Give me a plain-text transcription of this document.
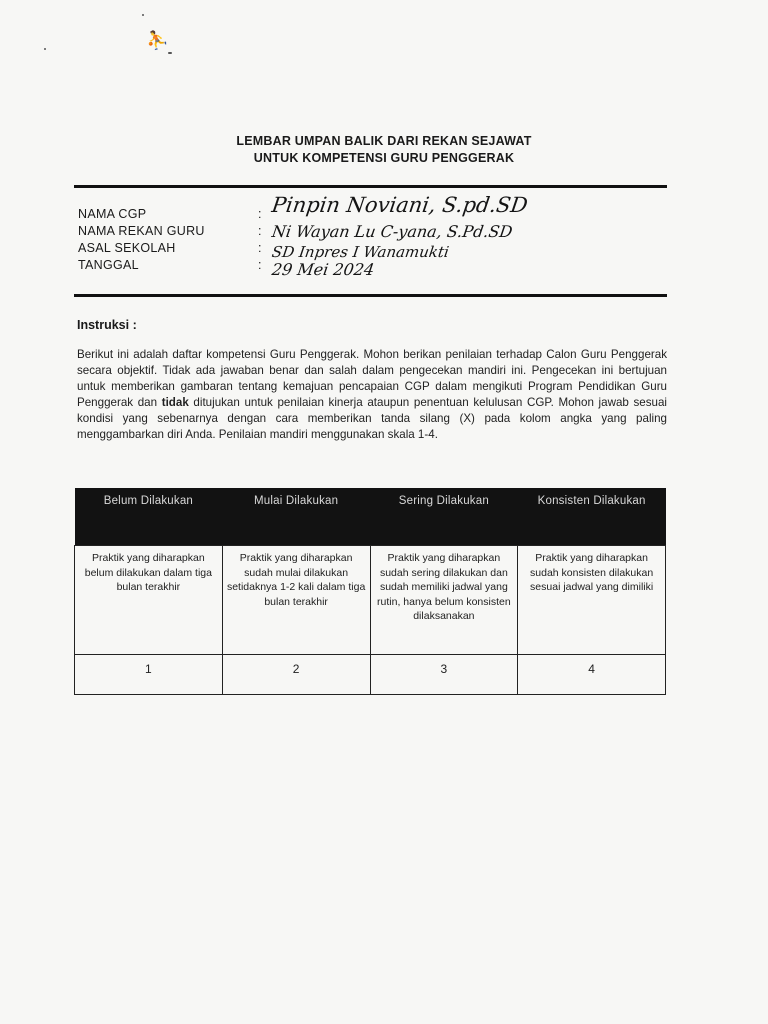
⛹
LEMBAR UMPAN BALIK DARI REKAN SEJAWAT
UNTUK KOMPETENSI GURU PENGGERAK
NAMA CGP	: Pinpin Noviani, S.pd.SD
NAMA REKAN GURU	: Ni Wayan Lu C-yana, S.Pd.SD
ASAL SEKOLAH	: SD Inpres I Wanamukti
TANGGAL	: 29 Mei 2024
Instruksi :
Berikut ini adalah daftar kompetensi Guru Penggerak. Mohon berikan penilaian terhadap Calon Guru Penggerak secara objektif. Tidak ada jawaban benar dan salah dalam pengecekan mandiri ini. Pengecekan ini bertujuan untuk memberikan gambaran tentang kemajuan pencapaian CGP dalam mengikuti Program Pendidikan Guru Penggerak dan tidak ditujukan untuk penilaian kinerja ataupun penentuan kelulusan CGP. Mohon jawab sesuai kondisi yang sebenarnya dengan cara memberikan tanda silang (X) pada kolom angka yang paling menggambarkan diri Anda. Penilaian mandiri menggunakan skala 1-4.
Belum Dilakukan	Mulai Dilakukan	Sering Dilakukan	Konsisten Dilakukan
Praktik yang diharapkan belum dilakukan dalam tiga bulan terakhir	Praktik yang diharapkan sudah mulai dilakukan setidaknya 1-2 kali dalam tiga bulan terakhir	Praktik yang diharapkan sudah sering dilakukan dan sudah memiliki jadwal yang rutin, hanya belum konsisten dilaksanakan	Praktik yang diharapkan sudah konsisten dilakukan sesuai jadwal yang dimiliki
1	2	3	4
